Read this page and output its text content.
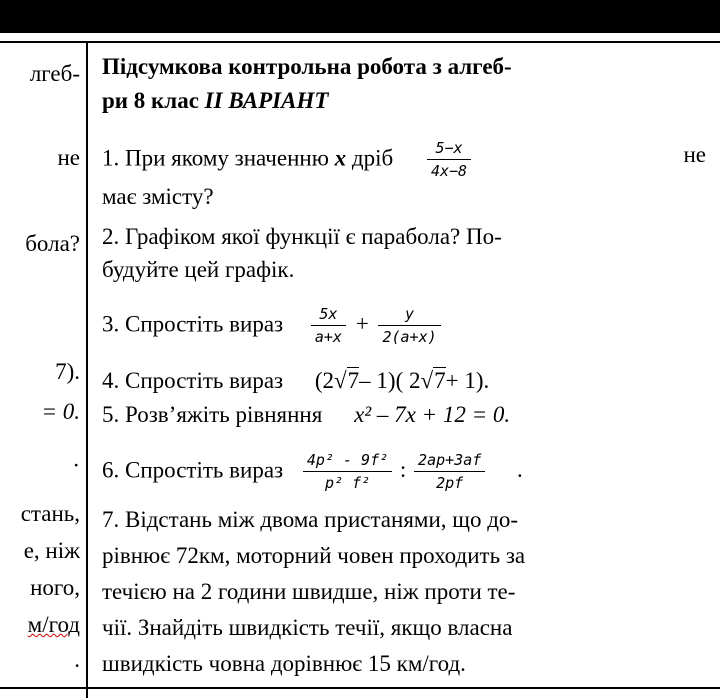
лгеб-
не
бола?
7).
= 0.
·
стань,
е, ніж
ного,
м/год
.
Підсумкова контрольна робота з алгеб-
ри 8 клас II ВАРІАНТ
1. При якому значенню x дріб $\frac{5-x}{4x-8}$	не
має змісту?
2. Графіком якої функції є парабола? По-
будуйте цей графік.
3. Спростіть вираз $\frac{5x}{a+x} + \frac{y}{2(a+x)}$
4. Спростіть вираз (2√7– 1)( 2√7+ 1).
5. Розв’яжіть рівняння x² – 7x + 12 = 0.
6. Спростіть вираз $\frac{\text{4p² - 9f²}}{\text{p² f²}}$ : $\frac{2ap+3af}{2pf}$ .
7. Відстань між двома пристанями, що до-
рівнює 72км, моторний човен проходить за
течією на 2 години швидше, ніж проти те-
чії. Знайдіть швидкість течії, якщо власна
швидкість човна дорівнює 15 км/год.
